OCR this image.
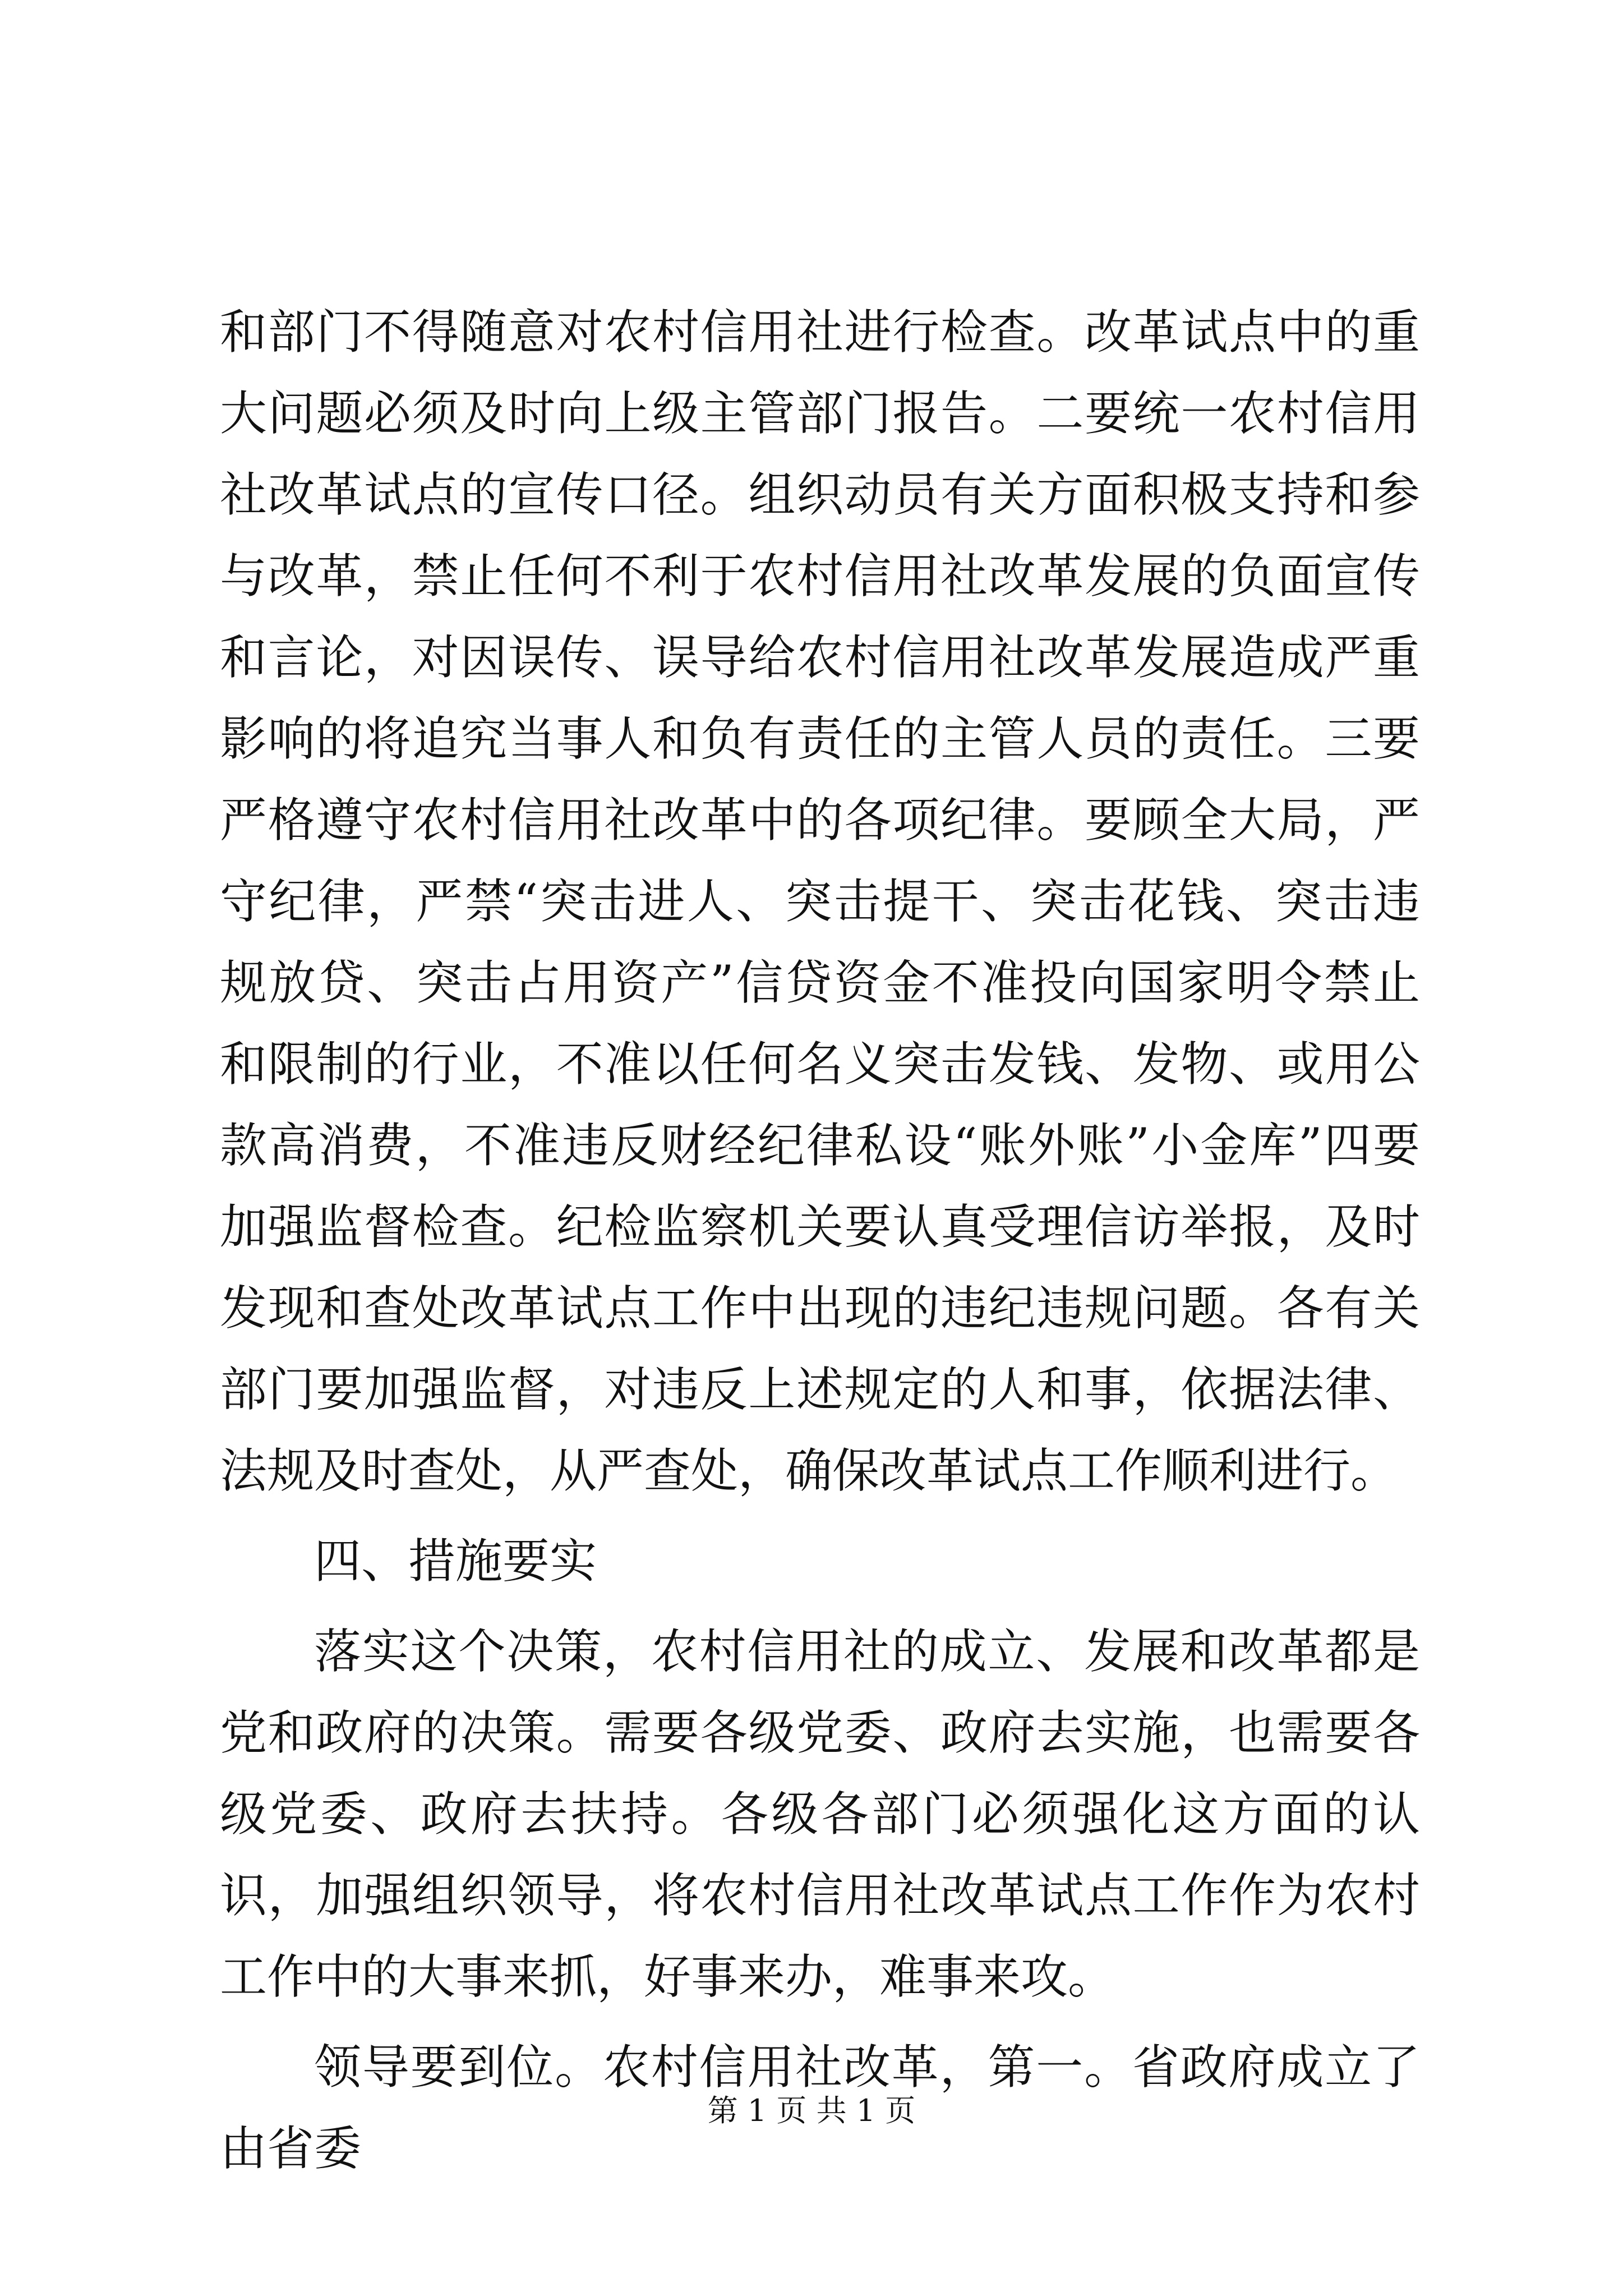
和部门不得随意对农村信用社进行检查。改革试点中的重大问题必须及时向上级主管部门报告。二要统一农村信用社改革试点的宣传口径。组织动员有关方面积极支持和参与改革，禁止任何不利于农村信用社改革发展的负面宣传和言论，对因误传、误导给农村信用社改革发展造成严重影响的将追究当事人和负有责任的主管人员的责任。三要严格遵守农村信用社改革中的各项纪律。要顾全大局，严守纪律，严禁“突击进人、突击提干、突击花钱、突击违规放贷、突击占用资产”信贷资金不准投向国家明令禁止和限制的行业，不准以任何名义突击发钱、发物、或用公款高消费，不准违反财经纪律私设“账外账”小金库”四要加强监督检查。纪检监察机关要认真受理信访举报，及时发现和查处改革试点工作中出现的违纪违规问题。各有关部门要加强监督，对违反上述规定的人和事，依据法律、法规及时查处，从严查处，确保改革试点工作顺利进行。

四、措施要实

落实这个决策，农村信用社的成立、发展和改革都是党和政府的决策。需要各级党委、政府去实施，也需要各级党委、政府去扶持。各级各部门必须强化这方面的认识，加强组织领导，将农村信用社改革试点工作作为农村工作中的大事来抓，好事来办，难事来攻。

领导要到位。农村信用社改革，第一。省政府成立了由省委

第 1 页 共 1 页
